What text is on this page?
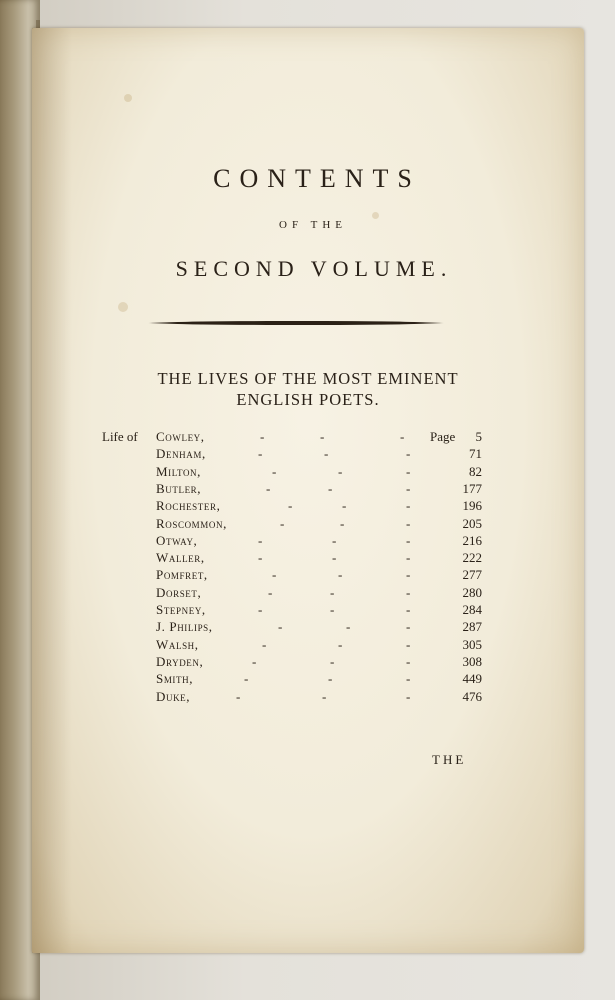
CONTENTS
OF THE
SECOND VOLUME.
THE LIVES OF THE MOST EMINENT
ENGLISH POETS.
Life of Cowley,	-	-	- Page 5
Denham,	-	-	-	71
Milton,	-	-	-	82
Butler,	-	-	-	177
Rochester,	-	-	-	196
Roscommon,	-	-	-	205
Otway,	-	-	-	216
Waller,	-	-	-	222
Pomfret,	-	-	-	277
Dorset,	-	-	-	280
Stepney,	-	-	-	284
J. Philips,	-	-	-	287
Walsh,	-	-	-	305
Dryden,	-	-	-	308
Smith,	-	-	-	449
Duke,	-	-	-	476
THE
